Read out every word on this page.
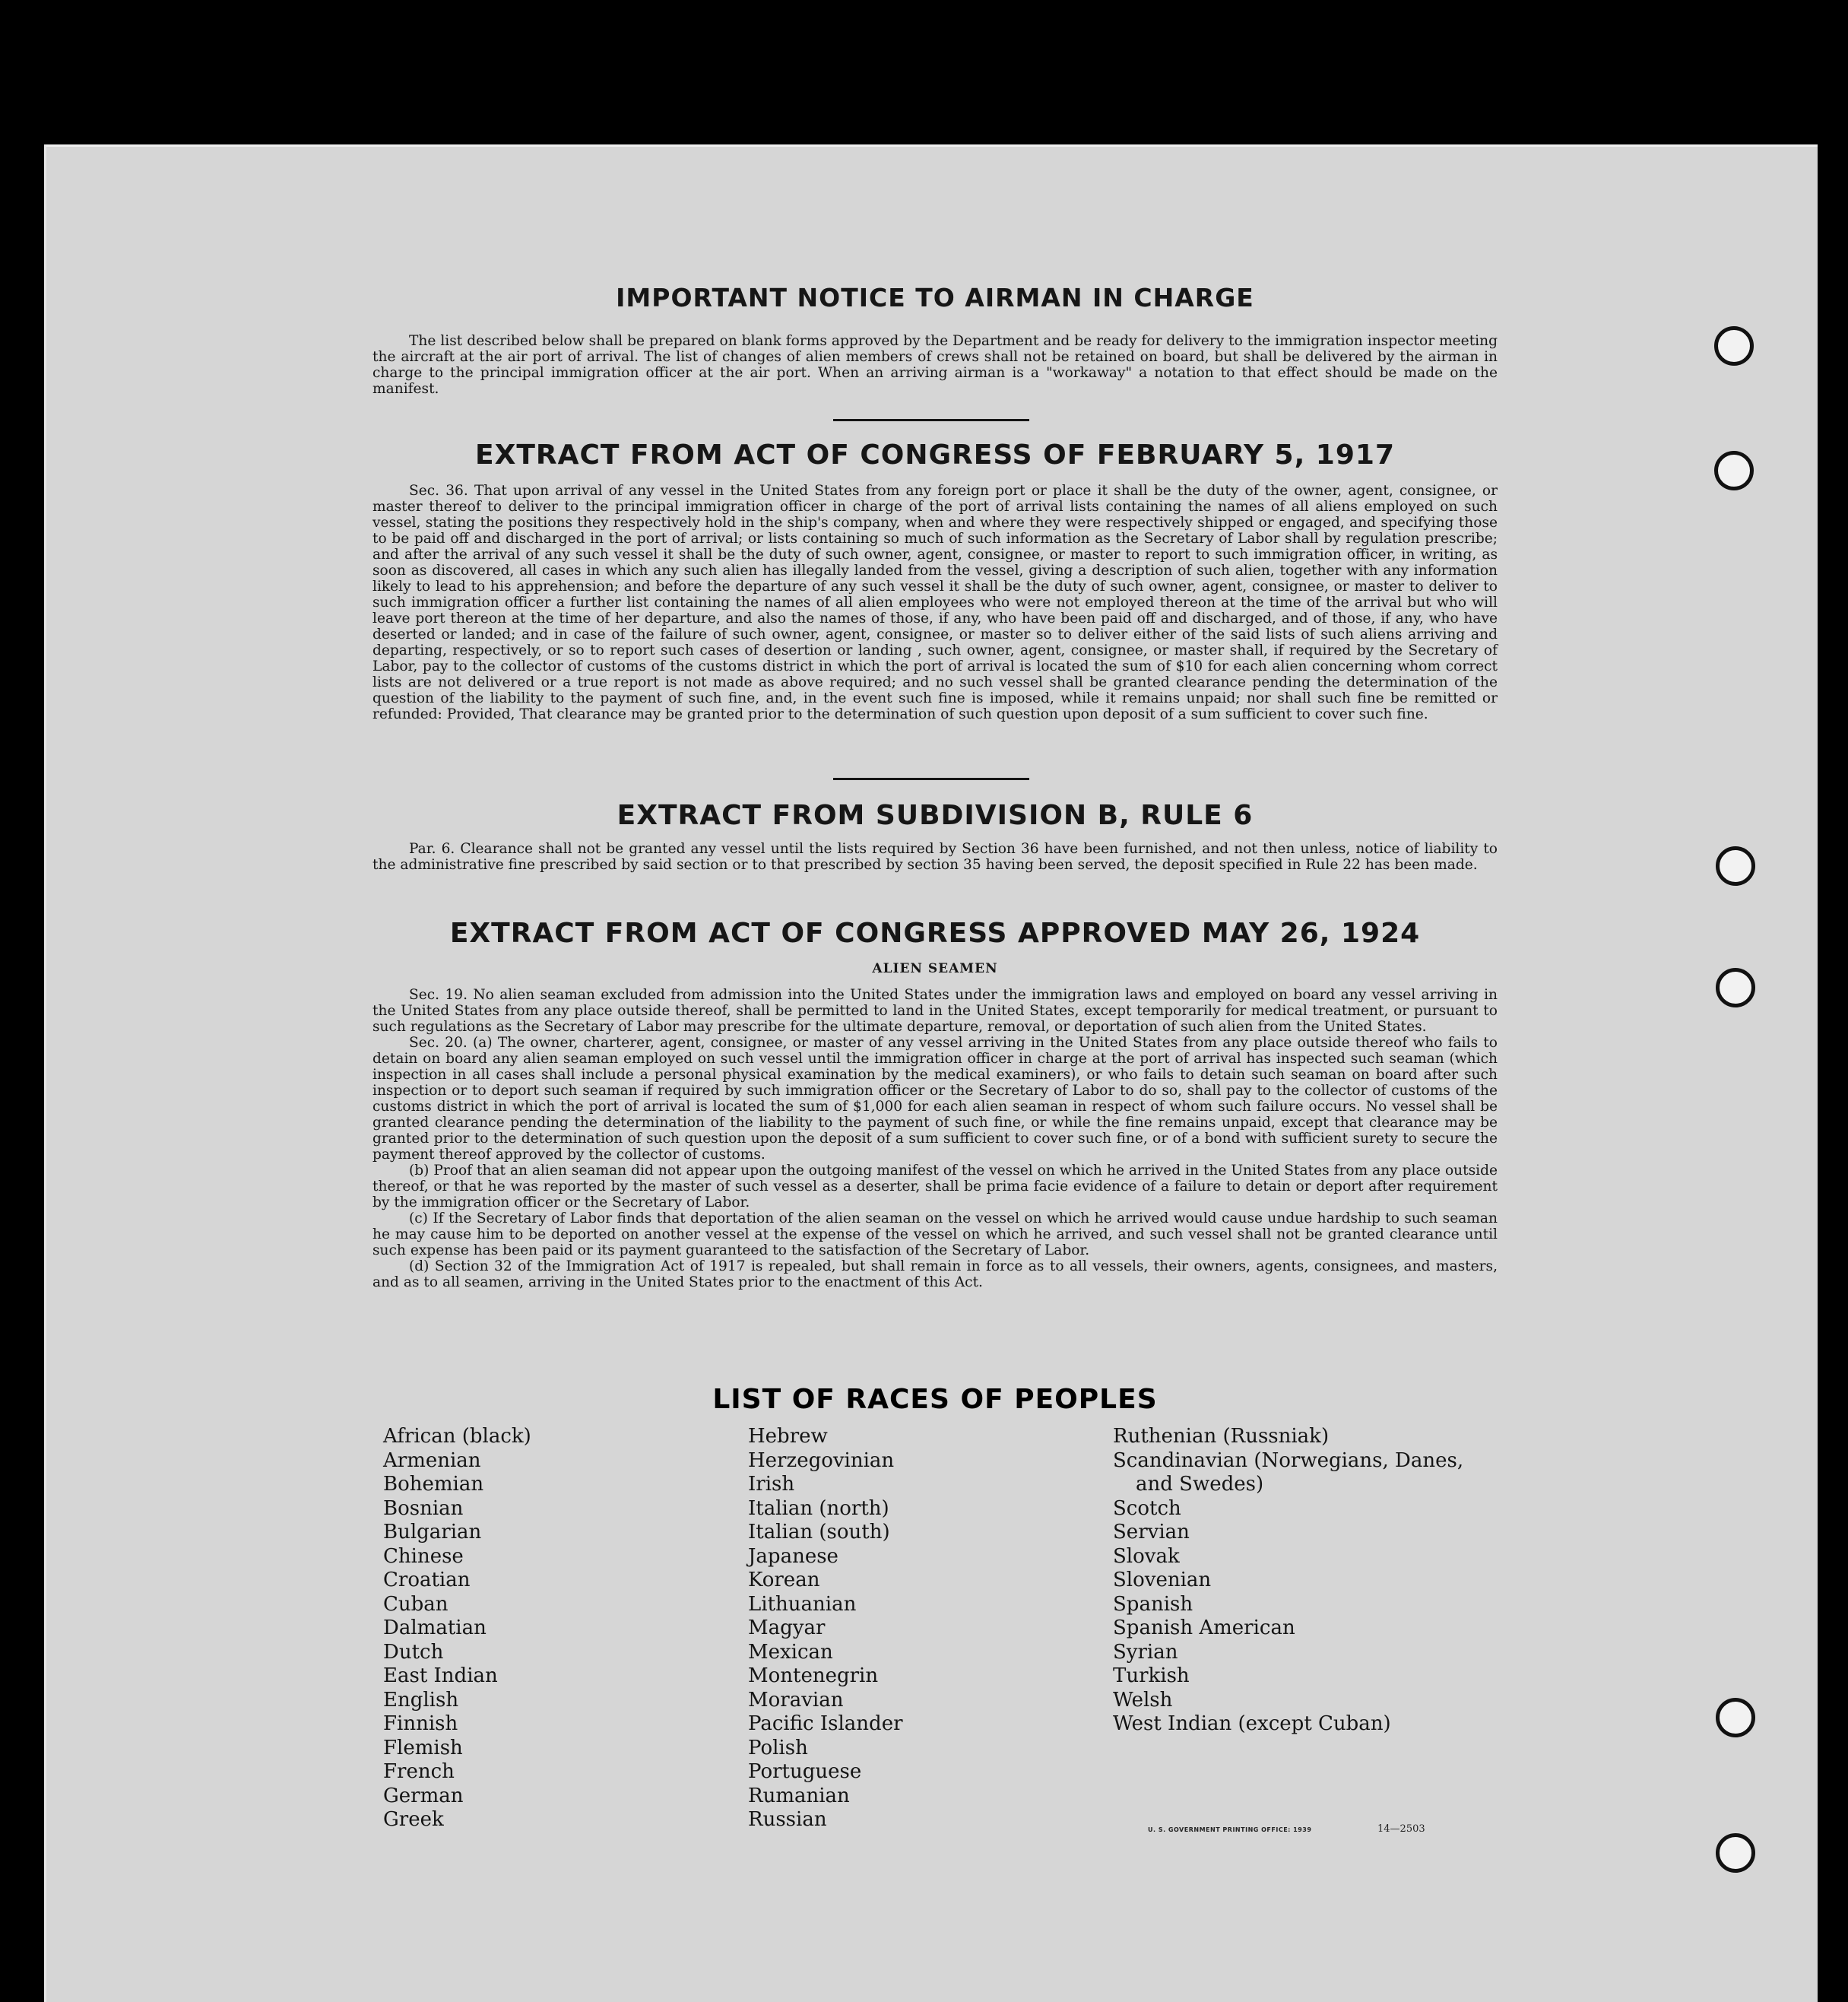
IMPORTANT NOTICE TO AIRMAN IN CHARGE

The list described below shall be prepared on blank forms approved by the Department and be ready for delivery to the immigration inspector meeting the aircraft at the air port of arrival. The list of changes of alien members of crews shall not be retained on board, but shall be delivered by the airman in charge to the principal immigration officer at the air port. When an arriving airman is a "workaway" a notation to that effect should be made on the manifest.

EXTRACT FROM ACT OF CONGRESS OF FEBRUARY 5, 1917

Sec. 36. That upon arrival of any vessel in the United States from any foreign port or place it shall be the duty of the owner, agent, consignee, or master thereof to deliver to the principal immigration officer in charge of the port of arrival lists containing the names of all aliens employed on such vessel, stating the positions they respectively hold in the ship's company, when and where they were respectively shipped or engaged, and specifying those to be paid off and discharged in the port of arrival; or lists containing so much of such information as the Secretary of Labor shall by regulation prescribe; and after the arrival of any such vessel it shall be the duty of such owner, agent, consignee, or master to report to such immigration officer, in writing, as soon as discovered, all cases in which any such alien has illegally landed from the vessel, giving a description of such alien, together with any information likely to lead to his apprehension; and before the departure of any such vessel it shall be the duty of such owner, agent, consignee, or master to deliver to such immigration officer a further list containing the names of all alien employees who were not employed thereon at the time of the arrival but who will leave port thereon at the time of her departure, and also the names of those, if any, who have been paid off and discharged, and of those, if any, who have deserted or landed; and in case of the failure of such owner, agent, consignee, or master so to deliver either of the said lists of such aliens arriving and departing, respectively, or so to report such cases of desertion or landing , such owner, agent, consignee, or master shall, if required by the Secretary of Labor, pay to the collector of customs of the customs district in which the port of arrival is located the sum of $10 for each alien concerning whom correct lists are not delivered or a true report is not made as above required; and no such vessel shall be granted clearance pending the determination of the question of the liability to the payment of such fine, and, in the event such fine is imposed, while it remains unpaid; nor shall such fine be remitted or refunded: Provided, That clearance may be granted prior to the determination of such question upon deposit of a sum sufficient to cover such fine.

EXTRACT FROM SUBDIVISION B, RULE 6

Par. 6. Clearance shall not be granted any vessel until the lists required by Section 36 have been furnished, and not then unless, notice of liability to the administrative fine prescribed by said section or to that prescribed by section 35 having been served, the deposit specified in Rule 22 has been made.

EXTRACT FROM ACT OF CONGRESS APPROVED MAY 26, 1924
ALIEN SEAMEN

Sec. 19. No alien seaman excluded from admission into the United States under the immigration laws and employed on board any vessel arriving in the United States from any place outside thereof, shall be permitted to land in the United States, except temporarily for medical treatment, or pursuant to such regulations as the Secretary of Labor may prescribe for the ultimate departure, removal, or deportation of such alien from the United States.

Sec. 20. (a) The owner, charterer, agent, consignee, or master of any vessel arriving in the United States from any place outside thereof who fails to detain on board any alien seaman employed on such vessel until the immigration officer in charge at the port of arrival has inspected such seaman (which inspection in all cases shall include a personal physical examination by the medical examiners), or who fails to detain such seaman on board after such inspection or to deport such seaman if required by such immigration officer or the Secretary of Labor to do so, shall pay to the collector of customs of the customs district in which the port of arrival is located the sum of $1,000 for each alien seaman in respect of whom such failure occurs. No vessel shall be granted clearance pending the determination of the liability to the payment of such fine, or while the fine remains unpaid, except that clearance may be granted prior to the determination of such question upon the deposit of a sum sufficient to cover such fine, or of a bond with sufficient surety to secure the payment thereof approved by the collector of customs.

(b) Proof that an alien seaman did not appear upon the outgoing manifest of the vessel on which he arrived in the United States from any place outside thereof, or that he was reported by the master of such vessel as a deserter, shall be prima facie evidence of a failure to detain or deport after requirement by the immigration officer or the Secretary of Labor.

(c) If the Secretary of Labor finds that deportation of the alien seaman on the vessel on which he arrived would cause undue hardship to such seaman he may cause him to be deported on another vessel at the expense of the vessel on which he arrived, and such vessel shall not be granted clearance until such expense has been paid or its payment guaranteed to the satisfaction of the Secretary of Labor.

(d) Section 32 of the Immigration Act of 1917 is repealed, but shall remain in force as to all vessels, their owners, agents, consignees, and masters, and as to all seamen, arriving in the United States prior to the enactment of this Act.

LIST OF RACES OF PEOPLES
African (black)
Armenian
Bohemian
Bosnian
Bulgarian
Chinese
Croatian
Cuban
Dalmatian
Dutch
East Indian
English
Finnish
Flemish
French
German
Greek
Hebrew
Herzegovinian
Irish
Italian (north)
Italian (south)
Japanese
Korean
Lithuanian
Magyar
Mexican
Montenegrin
Moravian
Pacific Islander
Polish
Portuguese
Rumanian
Russian
Ruthenian (Russniak)
Scandinavian (Norwegians, Danes,
and Swedes)
Scotch
Servian
Slovak
Slovenian
Spanish
Spanish American
Syrian
Turkish
Welsh
West Indian (except Cuban)
U. S. GOVERNMENT PRINTING OFFICE: 1939	14—2503
